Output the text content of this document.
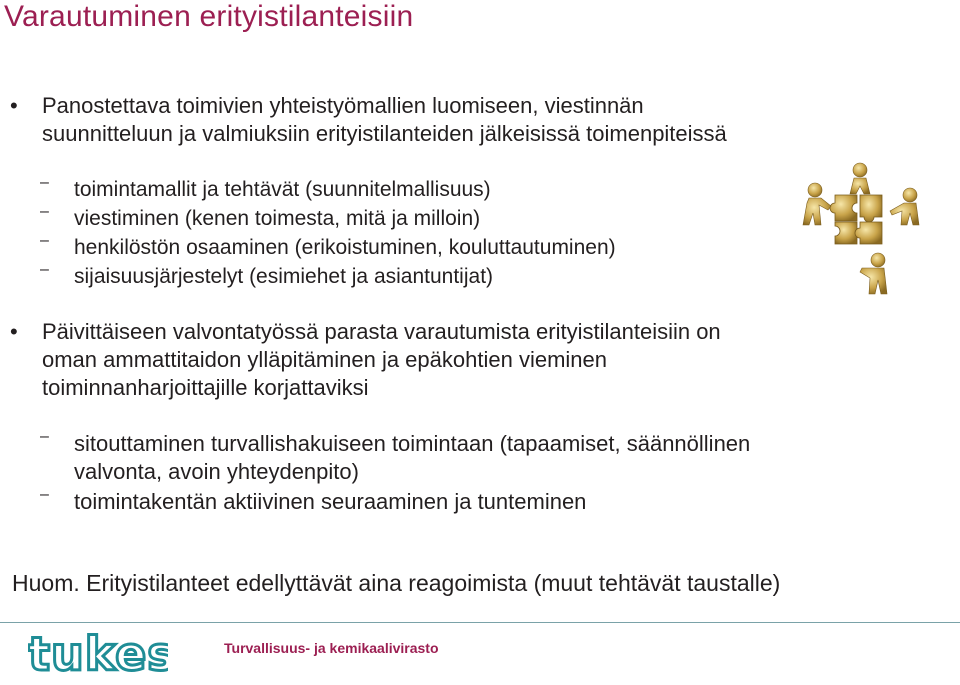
Varautuminen erityistilanteisiin
•	Panostettava toimivien yhteistyömallien luomiseen, viestinnän
suunnitteluun ja valmiuksiin erityistilanteiden jälkeisissä toimenpiteissä
–	toimintamallit ja tehtävät (suunnitelmallisuus)
–	viestiminen (kenen toimesta, mitä ja milloin)
–	henkilöstön osaaminen (erikoistuminen, kouluttautuminen)
–	sijaisuusjärjestelyt (esimiehet ja asiantuntijat)
•	Päivittäiseen valvontatyössä parasta varautumista erityistilanteisiin on
oman ammattitaidon ylläpitäminen ja epäkohtien vieminen
toiminnanharjoittajille korjattaviksi
–	sitouttaminen turvallishakuiseen toimintaan (tapaamiset, säännöllinen
valvonta, avoin yhteydenpito)
–	toimintakentän aktiivinen seuraaminen ja tunteminen
Huom. Erityistilanteet edellyttävät aina reagoimista (muut tehtävät taustalle)
tukes	Turvallisuus- ja kemikaalivirasto
